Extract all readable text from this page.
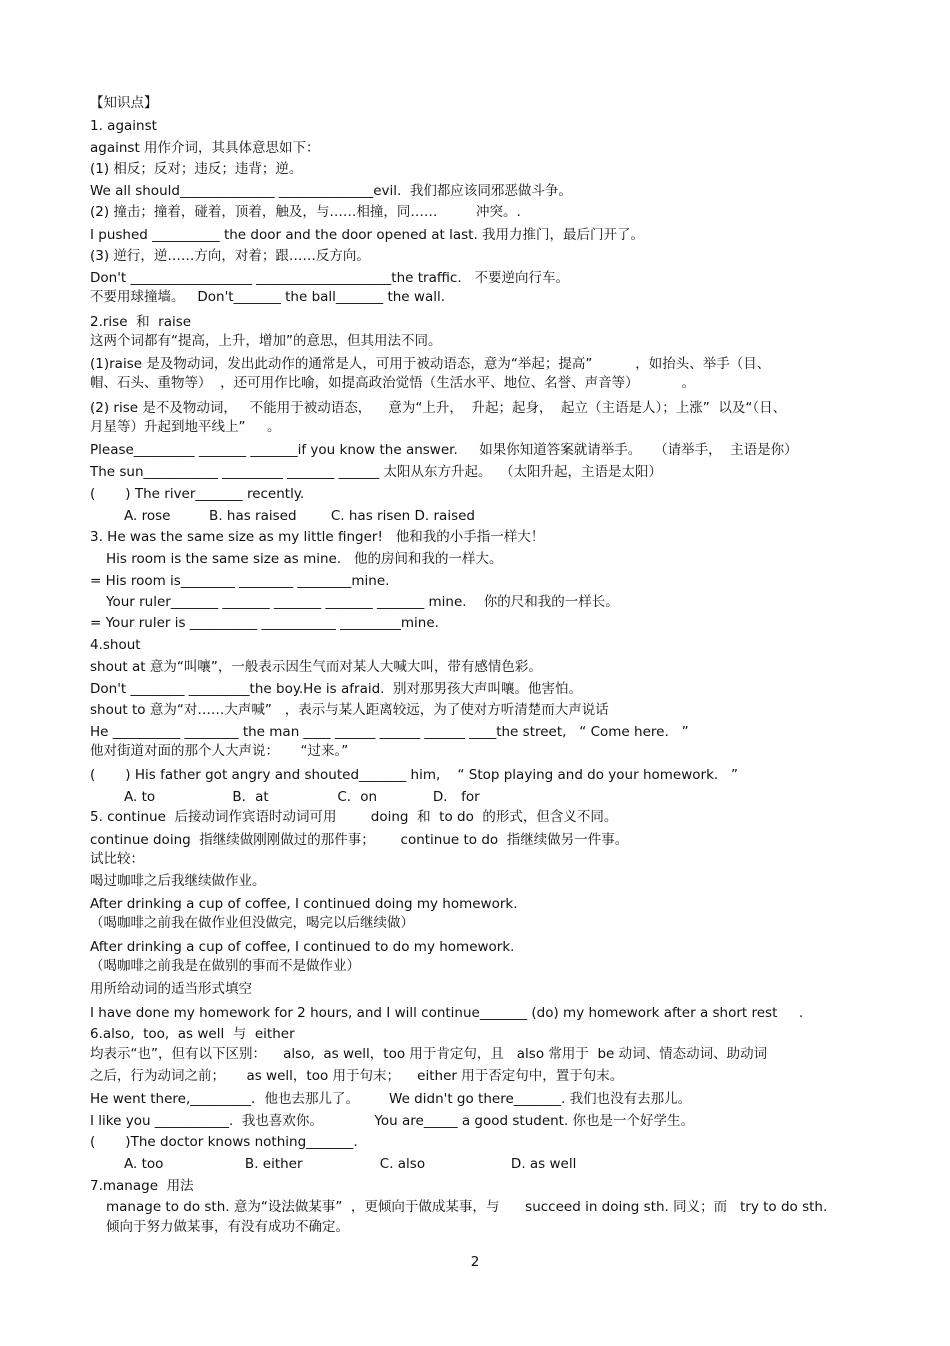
【知识点】
1. against
against 用作介词，其具体意思如下：
(1) 相反；反对；违反；违背；逆。
We all should______________ ______________evil.  我们都应该同邪恶做斗争。
(2) 撞击；撞着，碰着，顶着，触及，与……相撞，同……         冲突。.
I pushed __________ the door and the door opened at last. 我用力推门，最后门开了。
(3) 逆行，逆……方向，对着；跟……反方向。
Don't __________________ ____________________the traffic.   不要逆向行车。
不要用球撞墙。   Don't_______ the ball_______ the wall.
2.rise  和  raise
这两个词都有“提高，上升，增加”的意思，但其用法不同。
(1)raise 是及物动词，发出此动作的通常是人，可用于被动语态，意为“举起；提高”          ，如抬头、举手（目、
帽、石头、重物等）  ，还可用作比喻，如提高政治觉悟（生活水平、地位、名誉、声音等）          。
(2) rise 是不及物动词，   不能用于被动语态，    意为“上升，  升起；起身，  起立（主语是人）；上涨”  以及“（日、
月星等）升起到地平线上”     。
Please_________ _______ _______if you know the answer.     如果你知道答案就请举手。   （请举手，  主语是你）
The sun___________ _________ _______ ______ 太阳从东方升起。  （太阳升起，主语是太阳）
(       ) The river_______ recently.
A. rose         B. has raised        C. has risen D. raised
3. He was the same size as my little finger!   他和我的小手指一样大！
His room is the same size as mine.   他的房间和我的一样大。
= His room is________ ________ ________mine.
Your ruler_______ _______ _______ _______ _______ mine.    你的尺和我的一样长。
= Your ruler is __________ ___________ _________mine.
4.shout
shout at 意为“叫嚷”，一般表示因生气而对某人大喊大叫，带有感情色彩。
Don't ________ _________the boy.He is afraid.  别对那男孩大声叫嚷。他害怕。
shout to 意为“对……大声喊”   ，表示与某人距离较远，为了使对方听清楚而大声说话
He __________ ________ the man ____ ______ ______ ______ ____the street,   “ Come here.   ”
他对街道对面的那个人大声说：     “过来。”
(       ) His father got angry and shouted_______ him,    “ Stop playing and do your homework.   ”
A. to                  B．at                C．on             D． for
5. continue  后接动词作宾语时动词可用        doing  和  to do  的形式，但含义不同。
continue doing  指继续做刚刚做过的那件事；      continue to do  指继续做另一件事。
试比较：
喝过咖啡之后我继续做作业。
After drinking a cup of coffee, I continued doing my homework.
（喝咖啡之前我在做作业但没做完，喝完以后继续做）
After drinking a cup of coffee, I continued to do my homework.
（喝咖啡之前我是在做别的事而不是做作业）
用所给动词的适当形式填空
I have done my homework for 2 hours, and I will continue_______ (do) my homework after a short rest     .
6.also,  too,  as well  与  either
均表示“也”，但有以下区别：    also,  as well，too 用于肯定句，且   also 常用于  be 动词、情态动词、助动词
之后，行为动词之前；     as well，too 用于句末；    either 用于否定句中，置于句末。
He went there,_________．他也去那儿了。       We didn't go there_______. 我们也没有去那儿。
I like you ___________.  我也喜欢你。            You are_____ a good student. 你也是一个好学生。
(       )The doctor knows nothing_______.
A. too                   B. either                  C. also                    D. as well
7.manage  用法
manage to do sth. 意为“设法做某事”  ，更倾向于做成某事，与      succeed in doing sth. 同义；而   try to do sth.
倾向于努力做某事，有没有成功不确定。
2
